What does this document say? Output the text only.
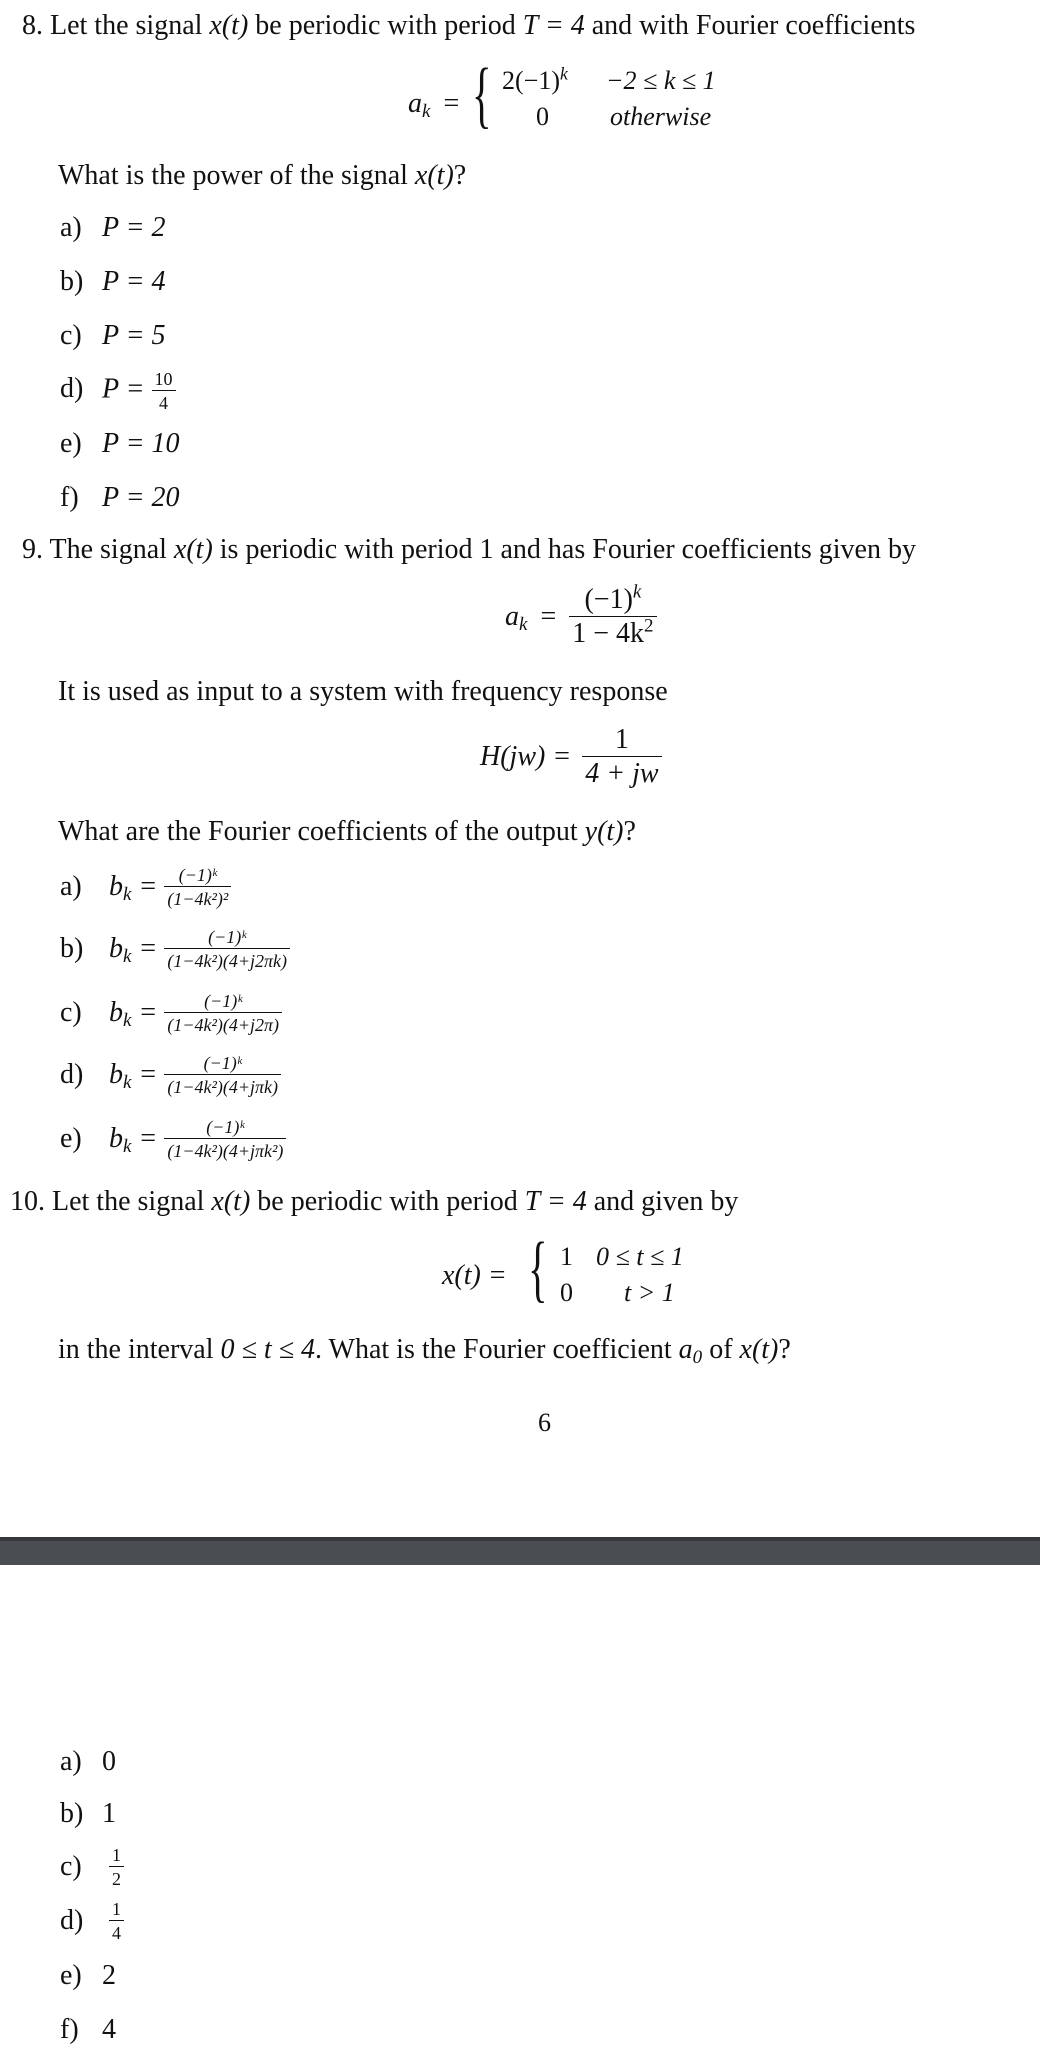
8. Let the signal x(t) be periodic with period T = 4 and with Fourier coefficients
$a_k$ = { $2(-1)^k -2 \le k \le 1$
0 otherwise
What is the power of the signal x(t)?
a) P = 2
b) P = 4
c) P = 5
d) $P = \frac{10}{4}$
e) P = 10
f) P = 20
9. The signal x(t) is periodic with period 1 and has Fourier coefficients given by
$a_k = \frac{(-1)^k}{1 - 4k^2}$
It is used as input to a system with frequency response
$H(jw) = \frac{1}{4 + jw}$
What are the Fourier coefficients of the output y(t)?
a) $b_k = \frac{\text{(−1)ᵏ}}{\text{(1−4k²)²}}$
b) $b_k = \frac{\text{(−1)ᵏ}}{\text{(1−4k²)(4+j2πk)}}$
c) $b_k = \frac{\text{(−1)ᵏ}}{\text{(1−4k²)(4+j2π)}}$
d) $b_k = \frac{\text{(−1)ᵏ}}{\text{(1−4k²)(4+jπk)}}$
e) $b_k = \frac{\text{(−1)ᵏ}}{\text{(1−4k²)(4+jπk²)}}$
10. Let the signal x(t) be periodic with period T = 4 and given by
x(t) = { 1 0 ≤ t ≤ 1
0 t > 1
in the interval 0 ≤ t ≤ 4. What is the Fourier coefficient $a_0$ of x(t)?
6
a) 0
b) 1
$c) \frac{1}{2}$
$d) \frac{1}{4}$
e) 2
f) 4
